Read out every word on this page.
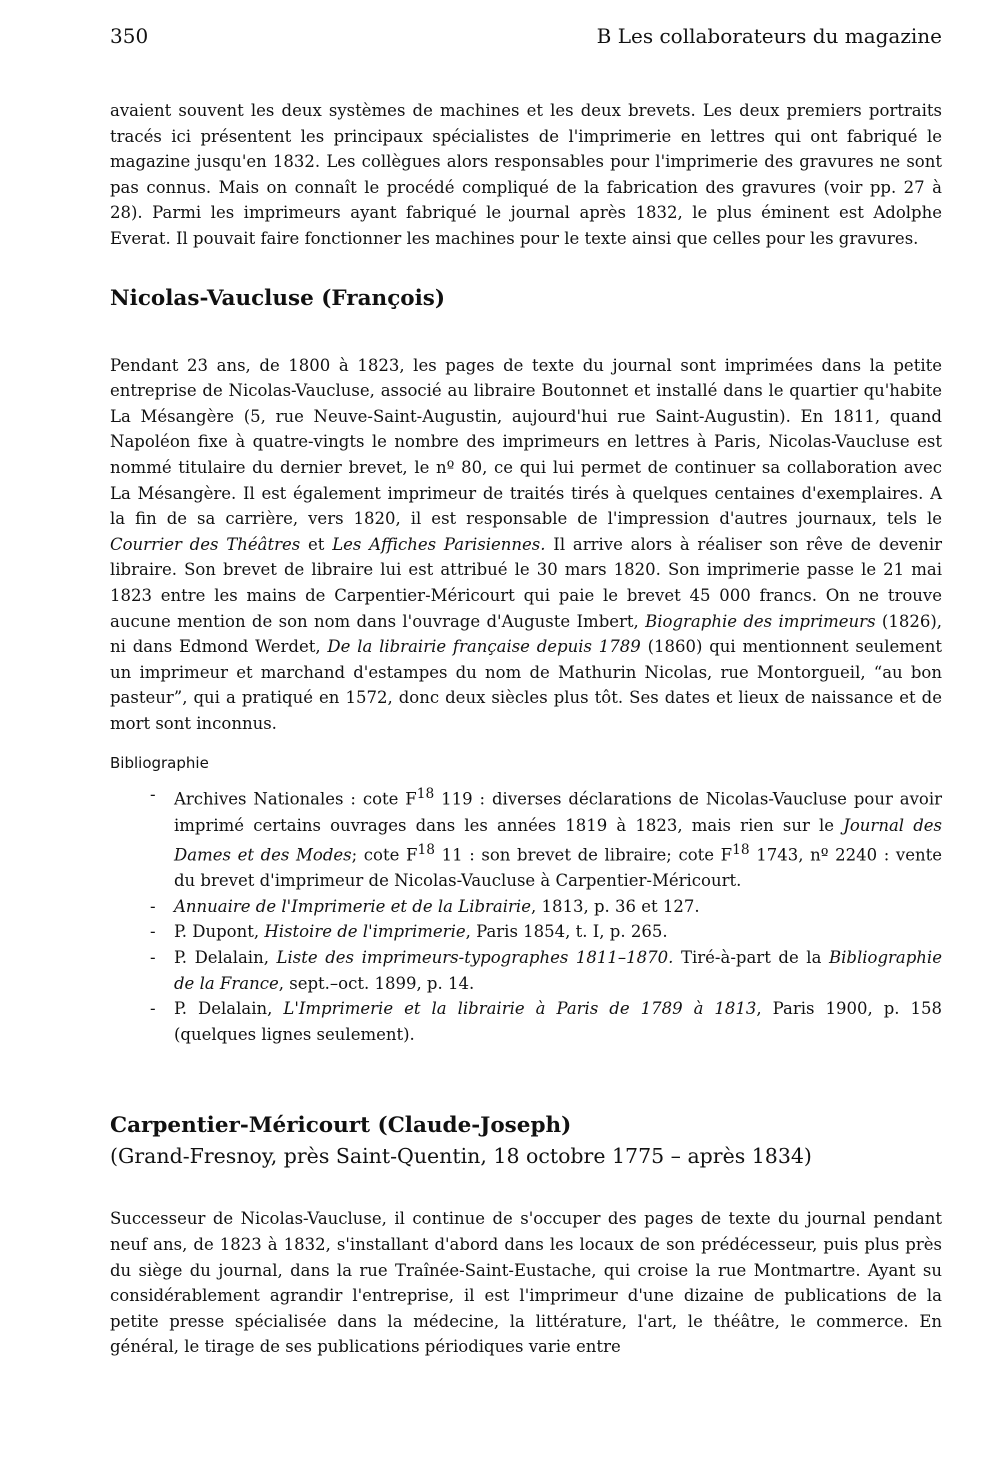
350	B Les collaborateurs du magazine

avaient souvent les deux systèmes de machines et les deux brevets. Les deux premiers portraits tracés ici présentent les principaux spécialistes de l'imprimerie en lettres qui ont fabriqué le magazine jusqu'en 1832. Les collègues alors responsables pour l'imprimerie des gravures ne sont pas connus. Mais on connaît le procédé compliqué de la fabrication des gravures (voir pp. 27 à 28). Parmi les imprimeurs ayant fabriqué le journal après 1832, le plus éminent est Adolphe Everat. Il pouvait faire fonctionner les machines pour le texte ainsi que celles pour les gravures.

Nicolas-Vaucluse (François)

Pendant 23 ans, de 1800 à 1823, les pages de texte du journal sont imprimées dans la petite entreprise de Nicolas-Vaucluse, associé au libraire Boutonnet et installé dans le quartier qu'habite La Mésangère (5, rue Neuve-Saint-Augustin, aujourd'hui rue Saint-Augustin). En 1811, quand Napoléon fixe à quatre-vingts le nombre des imprimeurs en lettres à Paris, Nicolas-Vaucluse est nommé titulaire du dernier brevet, le nº 80, ce qui lui permet de continuer sa collaboration avec La Mésangère. Il est également imprimeur de traités tirés à quelques centaines d'exemplaires. A la fin de sa carrière, vers 1820, il est responsable de l'impression d'autres journaux, tels le Courrier des Théâtres et Les Affiches Parisiennes. Il arrive alors à réaliser son rêve de devenir libraire. Son brevet de libraire lui est attribué le 30 mars 1820. Son imprimerie passe le 21 mai 1823 entre les mains de Carpentier-Méricourt qui paie le brevet 45 000 francs. On ne trouve aucune mention de son nom dans l'ouvrage d'Auguste Imbert, Biographie des imprimeurs (1826), ni dans Edmond Werdet, De la librairie française depuis 1789 (1860) qui mentionnent seulement un imprimeur et marchand d'estampes du nom de Mathurin Nicolas, rue Montorgueil, “au bon pasteur”, qui a pratiqué en 1572, donc deux siècles plus tôt. Ses dates et lieux de naissance et de mort sont inconnus.

Bibliographie
- Archives Nationales : cote $F^{18}$ 119 : diverses déclarations de Nicolas-Vaucluse pour avoir imprimé certains ouvrages dans les années 1819 à 1823, mais rien sur le Journal des Dames et des Modes; cote $F^{18}$ 11 : son brevet de libraire; cote $F^{18}$ 1743, nº 2240 : vente du brevet d'imprimeur de Nicolas-Vaucluse à Carpentier-Méricourt.
- Annuaire de l'Imprimerie et de la Librairie, 1813, p. 36 et 127.
- P. Dupont, Histoire de l'imprimerie, Paris 1854, t. I, p. 265.
- P. Delalain, Liste des imprimeurs-typographes 1811–1870. Tiré-à-part de la Bibliographie de la France, sept.–oct. 1899, p. 14.
- P. Delalain, L'Imprimerie et la librairie à Paris de 1789 à 1813, Paris 1900, p. 158 (quelques lignes seulement).
Carpentier-Méricourt (Claude-Joseph)

(Grand-Fresnoy, près Saint-Quentin, 18 octobre 1775 – après 1834)

Successeur de Nicolas-Vaucluse, il continue de s'occuper des pages de texte du journal pendant neuf ans, de 1823 à 1832, s'installant d'abord dans les locaux de son prédécesseur, puis plus près du siège du journal, dans la rue Traînée-Saint-Eustache, qui croise la rue Montmartre. Ayant su considérablement agrandir l'entreprise, il est l'imprimeur d'une dizaine de publications de la petite presse spécialisée dans la médecine, la littérature, l'art, le théâtre, le commerce. En général, le tirage de ses publications périodiques varie entre
